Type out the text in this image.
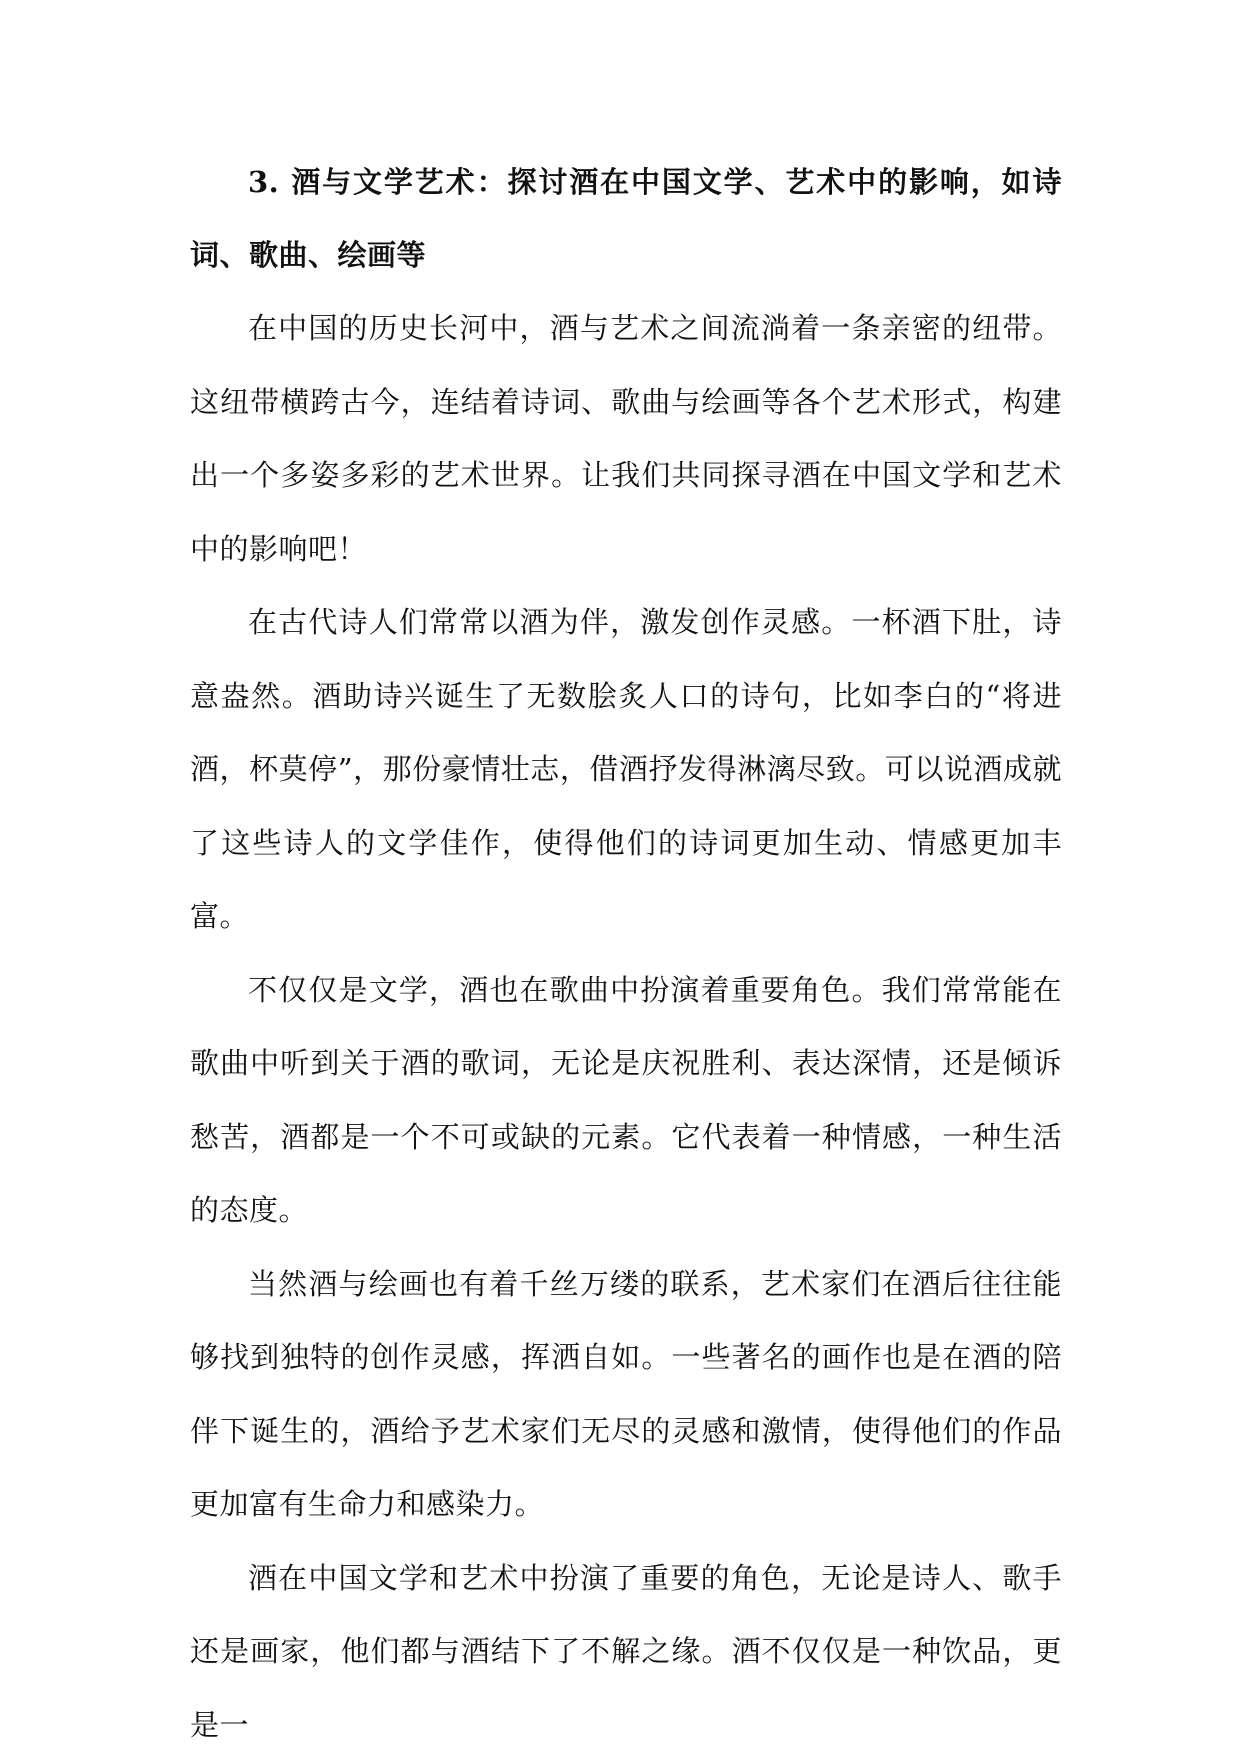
3. 酒与文学艺术：探讨酒在中国文学、艺术中的影响，如诗词、歌曲、绘画等

在中国的历史长河中，酒与艺术之间流淌着一条亲密的纽带。这纽带横跨古今，连结着诗词、歌曲与绘画等各个艺术形式，构建出一个多姿多彩的艺术世界。让我们共同探寻酒在中国文学和艺术中的影响吧！

在古代诗人们常常以酒为伴，激发创作灵感。一杯酒下肚，诗意盎然。酒助诗兴诞生了无数脍炙人口的诗句，比如李白的“将进酒，杯莫停”，那份豪情壮志，借酒抒发得淋漓尽致。可以说酒成就了这些诗人的文学佳作，使得他们的诗词更加生动、情感更加丰富。

不仅仅是文学，酒也在歌曲中扮演着重要角色。我们常常能在歌曲中听到关于酒的歌词，无论是庆祝胜利、表达深情，还是倾诉愁苦，酒都是一个不可或缺的元素。它代表着一种情感，一种生活的态度。

当然酒与绘画也有着千丝万缕的联系，艺术家们在酒后往往能够找到独特的创作灵感，挥洒自如。一些著名的画作也是在酒的陪伴下诞生的，酒给予艺术家们无尽的灵感和激情，使得他们的作品更加富有生命力和感染力。

酒在中国文学和艺术中扮演了重要的角色，无论是诗人、歌手还是画家，他们都与酒结下了不解之缘。酒不仅仅是一种饮品，更是一
